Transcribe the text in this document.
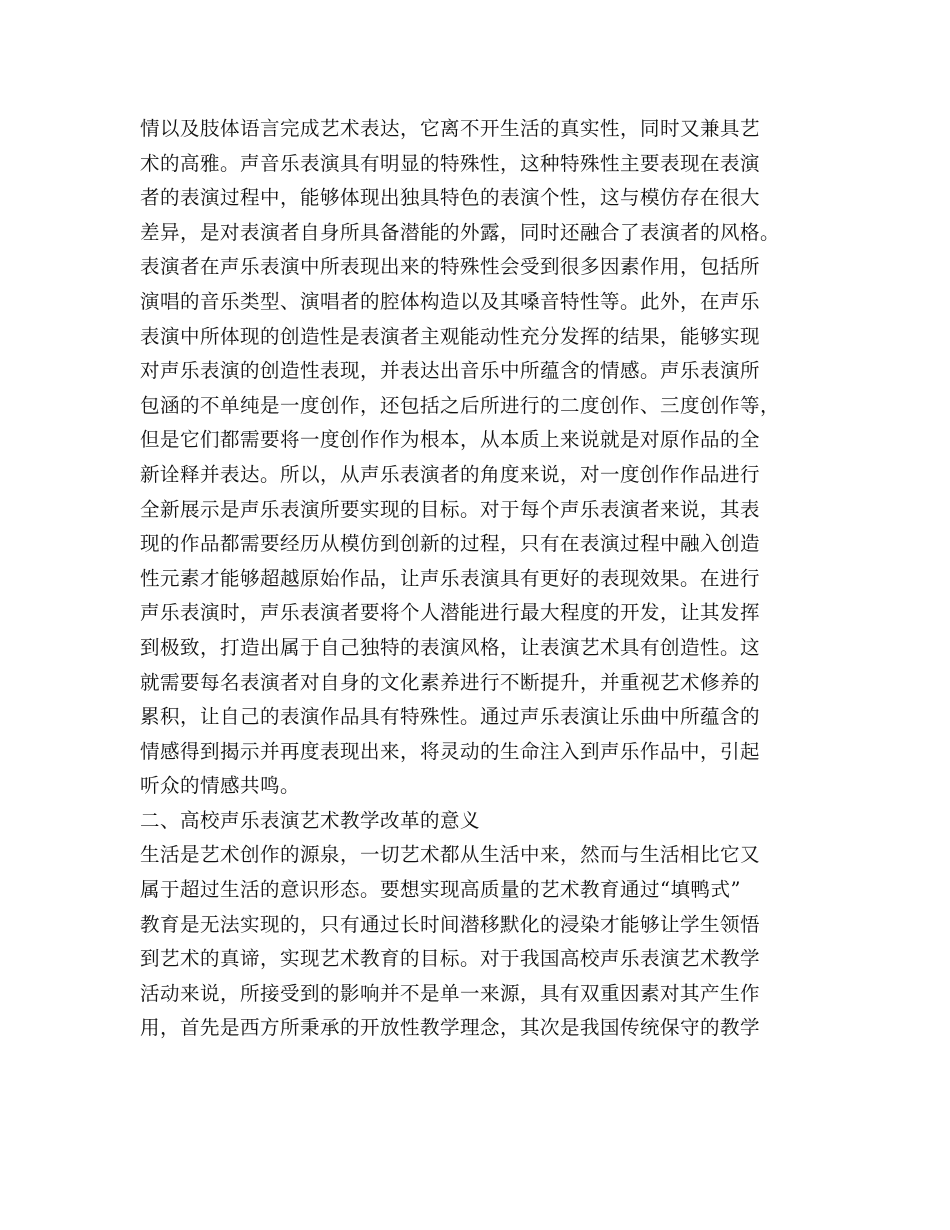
情以及肢体语言完成艺术表达，它离不开生活的真实性，同时又兼具艺
术的高雅。声音乐表演具有明显的特殊性，这种特殊性主要表现在表演
者的表演过程中，能够体现出独具特色的表演个性，这与模仿存在很大
差异，是对表演者自身所具备潜能的外露，同时还融合了表演者的风格。
表演者在声乐表演中所表现出来的特殊性会受到很多因素作用，包括所
演唱的音乐类型、演唱者的腔体构造以及其嗓音特性等。此外，在声乐
表演中所体现的创造性是表演者主观能动性充分发挥的结果，能够实现
对声乐表演的创造性表现，并表达出音乐中所蕴含的情感。声乐表演所
包涵的不单纯是一度创作，还包括之后所进行的二度创作、三度创作等，
但是它们都需要将一度创作作为根本，从本质上来说就是对原作品的全
新诠释并表达。所以，从声乐表演者的角度来说，对一度创作作品进行
全新展示是声乐表演所要实现的目标。对于每个声乐表演者来说，其表
现的作品都需要经历从模仿到创新的过程，只有在表演过程中融入创造
性元素才能够超越原始作品，让声乐表演具有更好的表现效果。在进行
声乐表演时，声乐表演者要将个人潜能进行最大程度的开发，让其发挥
到极致，打造出属于自己独特的表演风格，让表演艺术具有创造性。这
就需要每名表演者对自身的文化素养进行不断提升，并重视艺术修养的
累积，让自己的表演作品具有特殊性。通过声乐表演让乐曲中所蕴含的
情感得到揭示并再度表现出来，将灵动的生命注入到声乐作品中，引起
听众的情感共鸣。
二、高校声乐表演艺术教学改革的意义
生活是艺术创作的源泉，一切艺术都从生活中来，然而与生活相比它又
属于超过生活的意识形态。要想实现高质量的艺术教育通过“填鸭式”
教育是无法实现的，只有通过长时间潜移默化的浸染才能够让学生领悟
到艺术的真谛，实现艺术教育的目标。对于我国高校声乐表演艺术教学
活动来说，所接受到的影响并不是单一来源，具有双重因素对其产生作
用，首先是西方所秉承的开放性教学理念，其次是我国传统保守的教学
